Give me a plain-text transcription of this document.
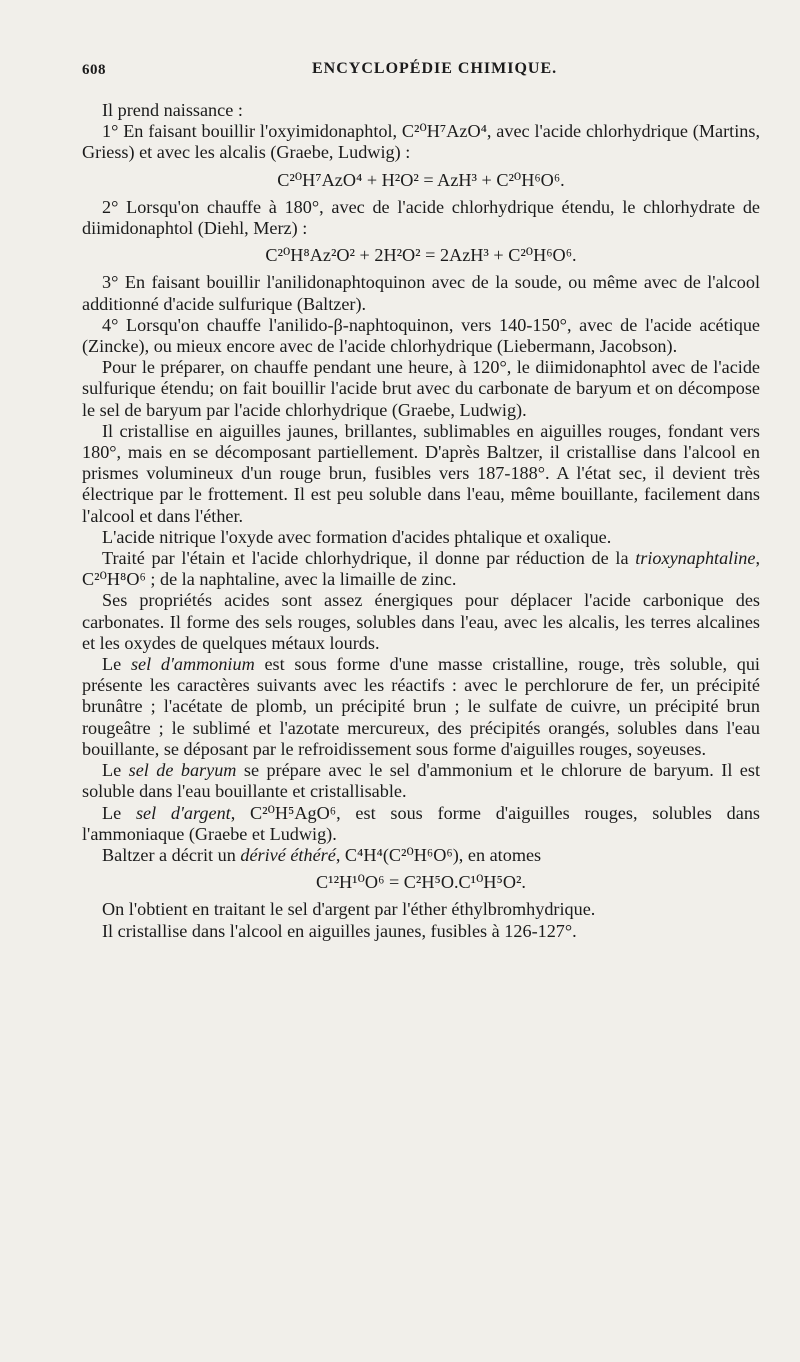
608	ENCYCLOPÉDIE CHIMIQUE.

Il prend naissance :

1° En faisant bouillir l'oxyimidonaphtol, C²⁰H⁷AzO⁴, avec l'acide chlorhydrique (Martins, Griess) et avec les alcalis (Graebe, Ludwig) :

C²⁰H⁷AzO⁴ + H²O² = AzH³ + C²⁰H⁶O⁶.

2° Lorsqu'on chauffe à 180°, avec de l'acide chlorhydrique étendu, le chlorhydrate de diimidonaphtol (Diehl, Merz) :

C²⁰H⁸Az²O² + 2H²O² = 2AzH³ + C²⁰H⁶O⁶.

3° En faisant bouillir l'anilidonaphtoquinon avec de la soude, ou même avec de l'alcool additionné d'acide sulfurique (Baltzer).

4° Lorsqu'on chauffe l'anilido-β-naphtoquinon, vers 140-150°, avec de l'acide acétique (Zincke), ou mieux encore avec de l'acide chlorhydrique (Liebermann, Jacobson).

Pour le préparer, on chauffe pendant une heure, à 120°, le diimidonaphtol avec de l'acide sulfurique étendu; on fait bouillir l'acide brut avec du carbonate de baryum et on décompose le sel de baryum par l'acide chlorhydrique (Graebe, Ludwig).

Il cristallise en aiguilles jaunes, brillantes, sublimables en aiguilles rouges, fondant vers 180°, mais en se décomposant partiellement. D'après Baltzer, il cristallise dans l'alcool en prismes volumineux d'un rouge brun, fusibles vers 187-188°. A l'état sec, il devient très électrique par le frottement. Il est peu soluble dans l'eau, même bouillante, facilement dans l'alcool et dans l'éther.

L'acide nitrique l'oxyde avec formation d'acides phtalique et oxalique.

Traité par l'étain et l'acide chlorhydrique, il donne par réduction de la trioxynaphtaline, C²⁰H⁸O⁶ ; de la naphtaline, avec la limaille de zinc.

Ses propriétés acides sont assez énergiques pour déplacer l'acide carbonique des carbonates. Il forme des sels rouges, solubles dans l'eau, avec les alcalis, les terres alcalines et les oxydes de quelques métaux lourds.

Le sel d'ammonium est sous forme d'une masse cristalline, rouge, très soluble, qui présente les caractères suivants avec les réactifs : avec le perchlorure de fer, un précipité brunâtre ; l'acétate de plomb, un précipité brun ; le sulfate de cuivre, un précipité brun rougeâtre ; le sublimé et l'azotate mercureux, des précipités orangés, solubles dans l'eau bouillante, se déposant par le refroidissement sous forme d'aiguilles rouges, soyeuses.

Le sel de baryum se prépare avec le sel d'ammonium et le chlorure de baryum. Il est soluble dans l'eau bouillante et cristallisable.

Le sel d'argent, C²⁰H⁵AgO⁶, est sous forme d'aiguilles rouges, solubles dans l'ammoniaque (Graebe et Ludwig).

Baltzer a décrit un dérivé éthéré, C⁴H⁴(C²⁰H⁶O⁶), en atomes

C¹²H¹⁰O⁶ = C²H⁵O.C¹⁰H⁵O².

On l'obtient en traitant le sel d'argent par l'éther éthylbromhydrique.

Il cristallise dans l'alcool en aiguilles jaunes, fusibles à 126-127°.
